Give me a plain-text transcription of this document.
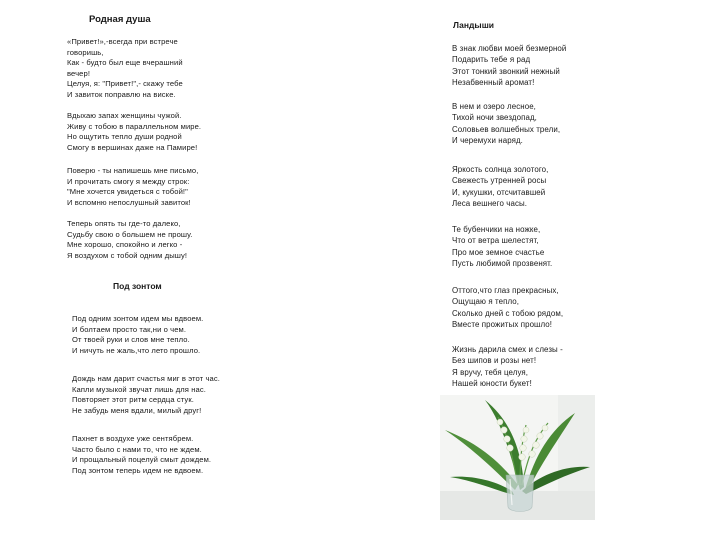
Родная душа
«Привет!»,-всегда при встрече
говоришь,
Как - будто был еще вчерашний
вечер!
Целуя, я: "Привет!",- скажу тебе
И завиток поправлю на виске.
Вдыхаю запах женщины чужой.
Живу с тобою в параллельном мире.
Но ощутить тепло души родной
Смогу в вершинах даже на Памире!
Поверю - ты напишешь мне письмо,
И прочитать смогу я между строк:
"Мне хочется увидеться с тобой!"
И вспомню непослушный завиток!
Теперь опять ты где-то далеко,
Судьбу свою о большем не прошу.
Мне хорошо, спокойно и легко -
Я воздухом с тобой одним дышу!
Под зонтом
Под одним зонтом идем мы вдвоем.
И болтаем просто так,ни о чем.
От твоей руки и слов мне тепло.
И ничуть не жаль,что лето прошло.
Дождь нам дарит счастья миг в этот час.
Капли музыкой звучат лишь для нас.
Повторяет этот ритм сердца стук.
Не забудь меня вдали, милый друг!
Пахнет в воздухе уже сентябрем.
Часто было с нами то, что не ждем.
И прощальный поцелуй смыт дождем.
Под зонтом теперь идем не вдвоем.
Ландыши
В знак любви моей безмерной
Подарить тебе я рад
Этот тонкий звонкий нежный
Незабвенный аромат!
В нем и озеро лесное,
Тихой ночи звездопад,
Соловьев волшебных трели,
И черемухи наряд.
Яркость солнца золотого,
Свежесть утренней росы
И, кукушки, отсчитавшей
Леса вешнего часы.
Те бубенчики на ножке,
Что от ветра шелестят,
Про мое земное счастье
Пусть любимой прозвенят.
Оттого,что глаз прекрасных,
Ощущаю я тепло,
Сколько дней с тобою рядом,
Вместе прожитых прошло!
Жизнь дарила смех и слезы -
Без шипов и розы нет!
Я вручу, тебя целуя,
Нашей юности букет!
